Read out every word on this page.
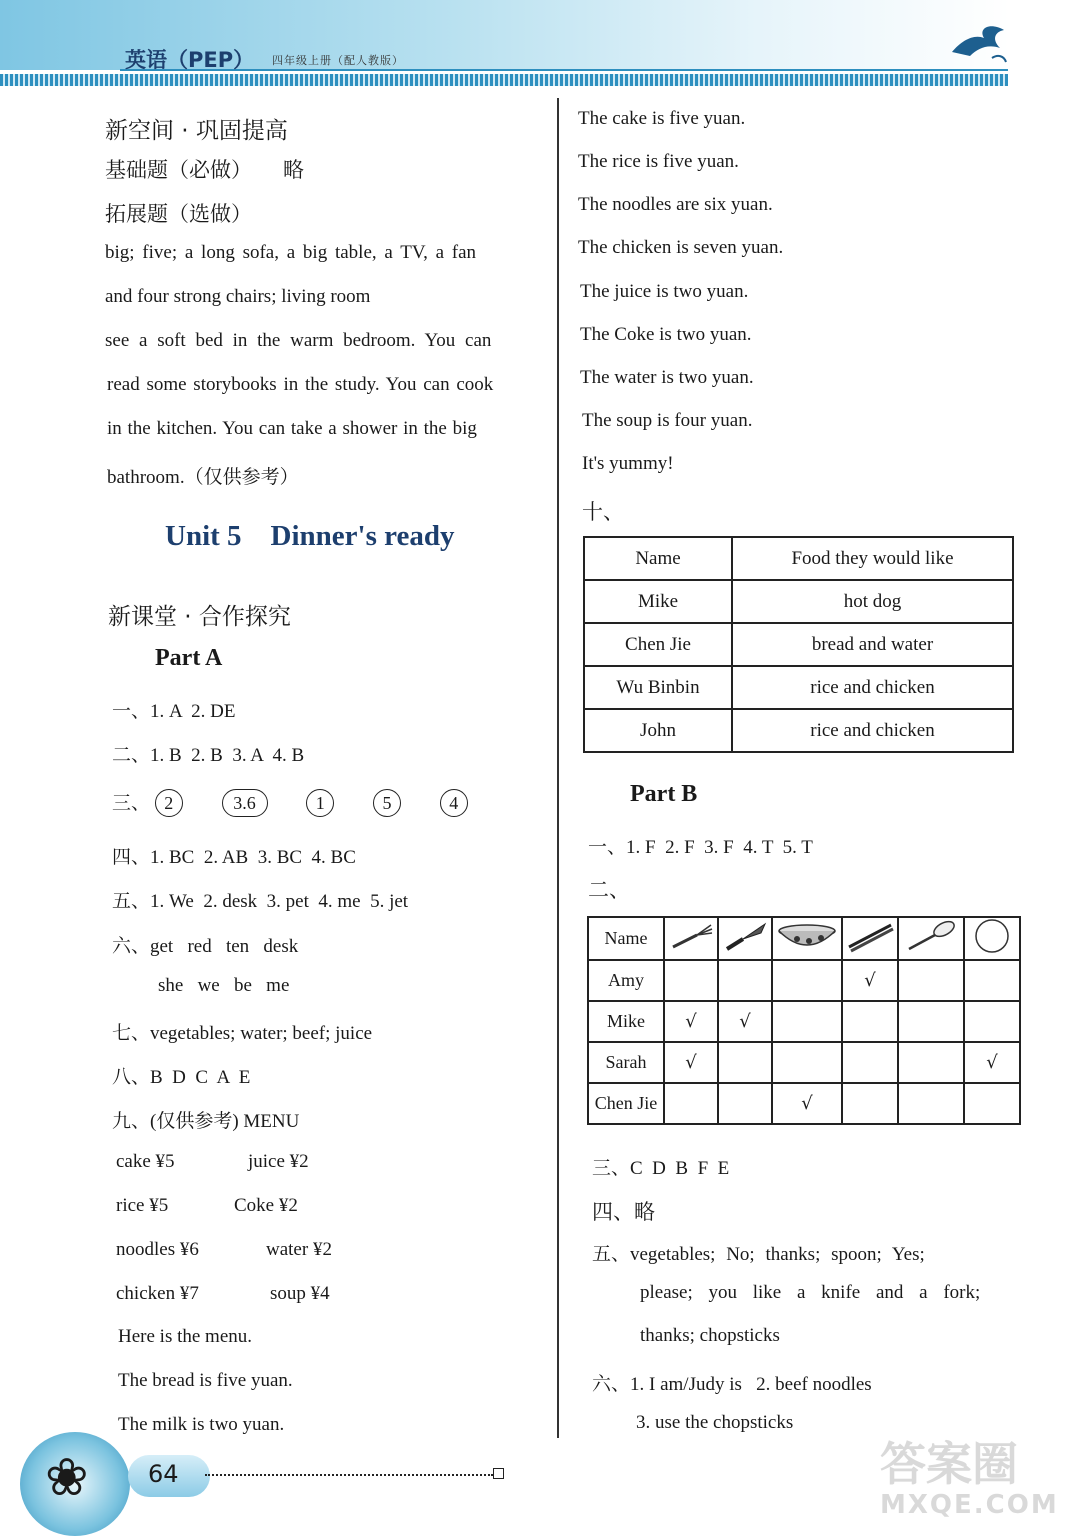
英语（PEP） 四年级上册（配人教版）
新空间 · 巩固提高
基础题（必做） 略
拓展题（选做）
big; five; a long sofa, a big table, a TV, a fan
and four strong chairs; living room
see a soft bed in the warm bedroom. You can
read some storybooks in the study. You can cook
in the kitchen. You can take a shower in the big
bathroom.（仅供参考）
Unit 5    Dinner's ready
新课堂 · 合作探究
Part A
一、1. A  2. DE
二、1. B  2. B  3. A  4. B
三、 2	3.6	1	5	4
四、1. BC  2. AB  3. BC  4. BC
五、1. We  2. desk  3. pet  4. me  5. jet
六、get   red   ten   desk
she   we   be   me
七、vegetables; water; beef; juice
八、B  D  C  A  E
九、(仅供参考) MENU
cake ¥5	juice ¥2
rice ¥5	Coke ¥2
noodles ¥6	water ¥2
chicken ¥7	soup ¥4
Here is the menu.
The bread is five yuan.
The milk is two yuan.
The cake is five yuan.
The rice is five yuan.
The noodles are six yuan.
The chicken is seven yuan.
The juice is two yuan.
The Coke is two yuan.
The water is two yuan.
The soup is four yuan.
It's yummy!
十、
Name	Food they would like
Mike	hot dog
Chen Jie	bread and water
Wu Binbin	rice and chicken
John	rice and chicken
Part B
一、1. F  2. F  3. F  4. T  5. T
二、
Name						
Amy				√		
Mike	√	√				
Sarah	√					√
Chen Jie			√			
三、C  D  B  F  E
四、略
五、vegetables; No; thanks; spoon; Yes;
please; you like a knife and a fork;
thanks; chopsticks
六、1. I am/Judy is   2. beef noodles
3. use the chopsticks
❀ 64	答案圈
MXQE.COM
